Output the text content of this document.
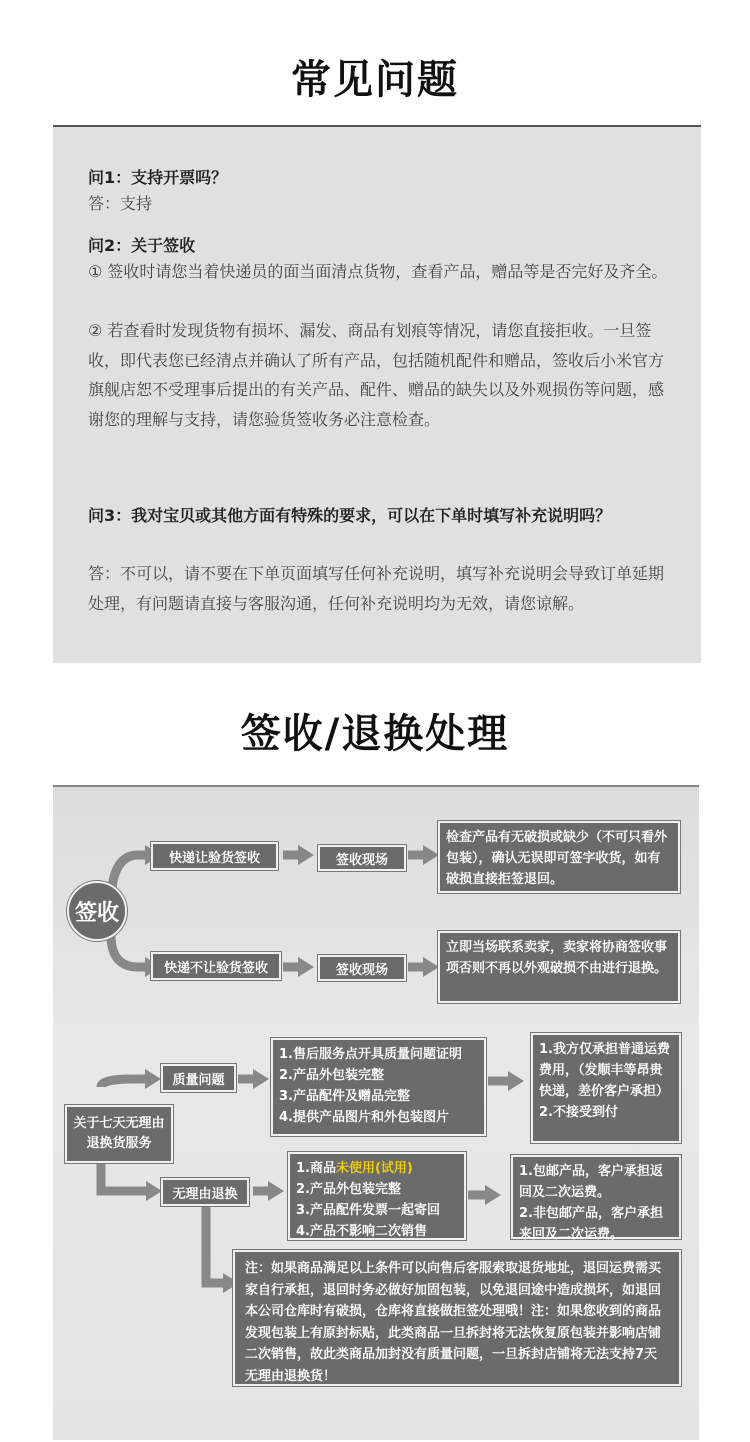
常见问题
问1：支持开票吗？
答：支持
问2：关于签收
① 签收时请您当着快递员的面当面清点货物，查看产品，赠品等是否完好及齐全。
② 若查看时发现货物有损坏、漏发、商品有划痕等情况，请您直接拒收。一旦签收，即代表您已经清点并确认了所有产品，包括随机配件和赠品，签收后小米官方旗舰店恕不受理事后提出的有关产品、配件、赠品的缺失以及外观损伤等问题，感谢您的理解与支持，请您验货签收务必注意检查。
问3：我对宝贝或其他方面有特殊的要求，可以在下单时填写补充说明吗？
答：不可以，请不要在下单页面填写任何补充说明，填写补充说明会导致订单延期处理，有问题请直接与客服沟通，任何补充说明均为无效，请您谅解。
签收/退换处理
签收
快递让验货签收	签收现场
检查产品有无破损或缺少（不可只看外包装），确认无误即可签字收货，如有破损直接拒签退回。
快递不让验货签收	签收现场
立即当场联系卖家，卖家将协商签收事项否则不再以外观破损不由进行退换。
关于七天无理由退换货服务
质量问题
1.售后服务点开具质量问题证明
2.产品外包装完整
3.产品配件及赠品完整
4.提供产品图片和外包装图片
1.我方仅承担普通运费费用，（发顺丰等昂贵快递，差价客户承担）
2.不接受到付
无理由退换
1.商品未使用(试用)
2.产品外包装完整
3.产品配件发票一起寄回
4.产品不影响二次销售
1.包邮产品，客户承担返回及二次运费。
2.非包邮产品，客户承担来回及二次运费。
注：如果商品满足以上条件可以向售后客服索取退货地址，退回运费需买家自行承担，退回时务必做好加固包装，以免退回途中造成损坏，如退回本公司仓库时有破损，仓库将直接做拒签处理哦！注：如果您收到的商品发现包装上有原封标贴，此类商品一旦拆封将无法恢复原包装并影响店铺二次销售，故此类商品加封没有质量问题，一旦拆封店铺将无法支持7天无理由退换货！
